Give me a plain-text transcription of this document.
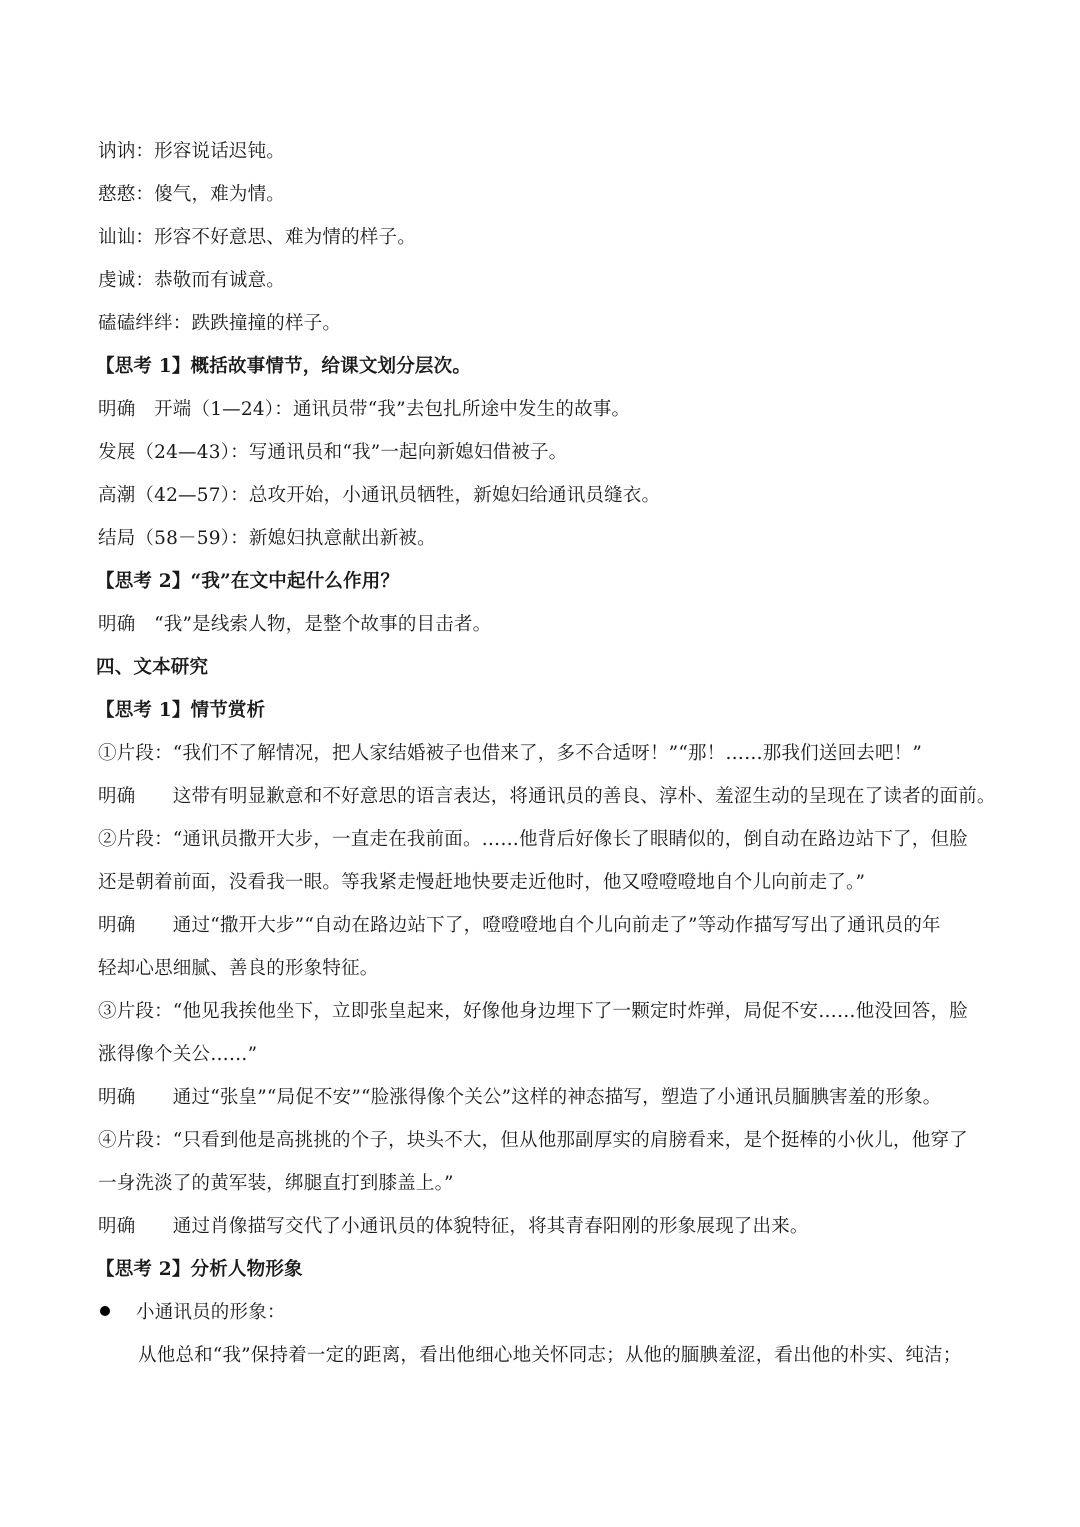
讷讷：形容说话迟钝。
憨憨：傻气，难为情。
讪讪：形容不好意思、难为情的样子。
虔诚：恭敬而有诚意。
磕磕绊绊：跌跌撞撞的样子。
【思考 1】概括故事情节，给课文划分层次。
明确　开端（1—24）：通讯员带“我”去包扎所途中发生的故事。
发展（24—43）：写通讯员和“我”一起向新媳妇借被子。
高潮（42—57）：总攻开始，小通讯员牺牲，新媳妇给通讯员缝衣。
结局（58－59）：新媳妇执意献出新被。
【思考 2】“我”在文中起什么作用？
明确　“我”是线索人物，是整个故事的目击者。
四、文本研究
【思考 1】情节赏析
①片段：“我们不了解情况，把人家结婚被子也借来了，多不合适呀！”“那！……那我们送回去吧！”
明确　　这带有明显歉意和不好意思的语言表达，将通讯员的善良、淳朴、羞涩生动的呈现在了读者的面前。
②片段：“通讯员撒开大步，一直走在我前面。……他背后好像长了眼睛似的，倒自动在路边站下了，但脸
还是朝着前面，没看我一眼。等我紧走慢赶地快要走近他时，他又噔噔噔地自个儿向前走了。”
明确　　通过“撒开大步”“自动在路边站下了，噔噔噔地自个儿向前走了”等动作描写写出了通讯员的年
轻却心思细腻、善良的形象特征。
③片段：“他见我挨他坐下，立即张皇起来，好像他身边埋下了一颗定时炸弹，局促不安……他没回答，脸
涨得像个关公……”
明确　　通过“张皇”“局促不安”“脸涨得像个关公”这样的神态描写，塑造了小通讯员腼腆害羞的形象。
④片段：“只看到他是高挑挑的个子，块头不大，但从他那副厚实的肩膀看来，是个挺棒的小伙儿，他穿了
一身洗淡了的黄军装，绑腿直打到膝盖上。”
明确　　通过肖像描写交代了小通讯员的体貌特征，将其青春阳刚的形象展现了出来。
【思考 2】分析人物形象
小通讯员的形象：
从他总和“我”保持着一定的距离，看出他细心地关怀同志；从他的腼腆羞涩，看出他的朴实、纯洁；
